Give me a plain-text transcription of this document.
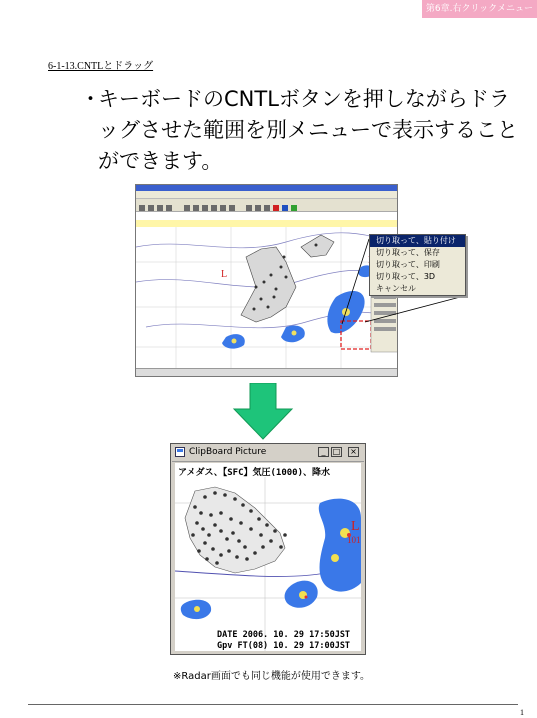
第6章.右クリックメニュー
6-1-13.CNTLとドラッグ
・
キーボードのCNTLボタンを押しながらドラッグさせた範囲を別メニューで表示することができます。
L
切り取って、貼り付け
切り取って、保存
切り取って、印刷
切り取って、3D
キャンセル
ClipBoard Picture	_ □ ×
アメダス、【SFC】気圧(1000)、降水
L
101
DATE 2006. 10. 29 17:50JST
Gpv FT(08) 10. 29 17:00JST
※Radar画面でも同じ機能が使用できます。
1
